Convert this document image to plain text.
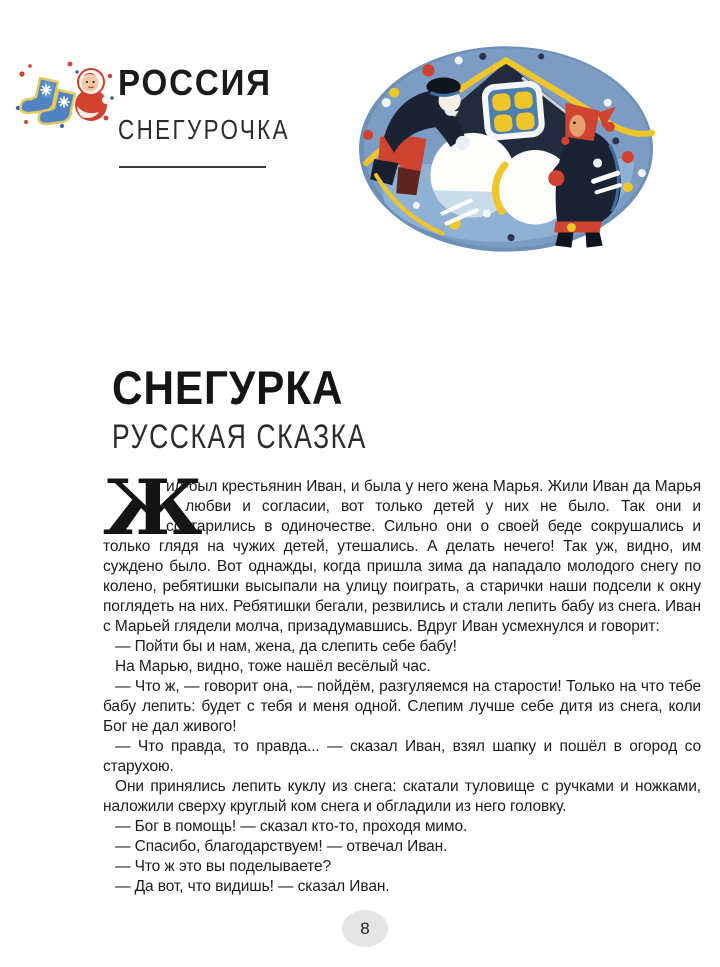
РОССИЯ
СНЕГУРОЧКА
СНЕГУРКА
РУССКАЯ СКАЗКА

Ж
ил-был крестьянин Иван, и была у него жена Марья. Жили Иван да Марья в любви и согласии, вот только детей у них не было. Так они и состарились в одиночестве. Сильно они о своей беде сокрушались и только глядя на чужих детей, утешались. А делать нечего! Так уж, видно, им суждено было. Вот однажды, когда пришла зима да нападало молодого снегу по колено, ребятишки высыпали на улицу поиграть, а старички наши подсели к окну поглядеть на них. Ребятишки бегали, резвились и стали лепить бабу из снега. Иван с Марьей глядели молча, призадумавшись. Вдруг Иван усмехнулся и говорит:

— Пойти бы и нам, жена, да слепить себе бабу!

На Марью, видно, тоже нашёл весёлый час.

— Что ж, — говорит она, — пойдём, разгуляемся на старости! Только на что тебе бабу лепить: будет с тебя и меня одной. Слепим лучше себе дитя из снега, коли Бог не дал живого!

— Что правда, то правда... — сказал Иван, взял шапку и пошёл в огород со старухою.

Они принялись лепить куклу из снега: скатали туловище с ручками и ножками, наложили сверху круглый ком снега и обгладили из него головку.

— Бог в помощь! — сказал кто-то, проходя мимо.

— Спасибо, благодарствуем! — отвечал Иван.

— Что ж это вы поделываете?

— Да вот, что видишь! — сказал Иван.

8
